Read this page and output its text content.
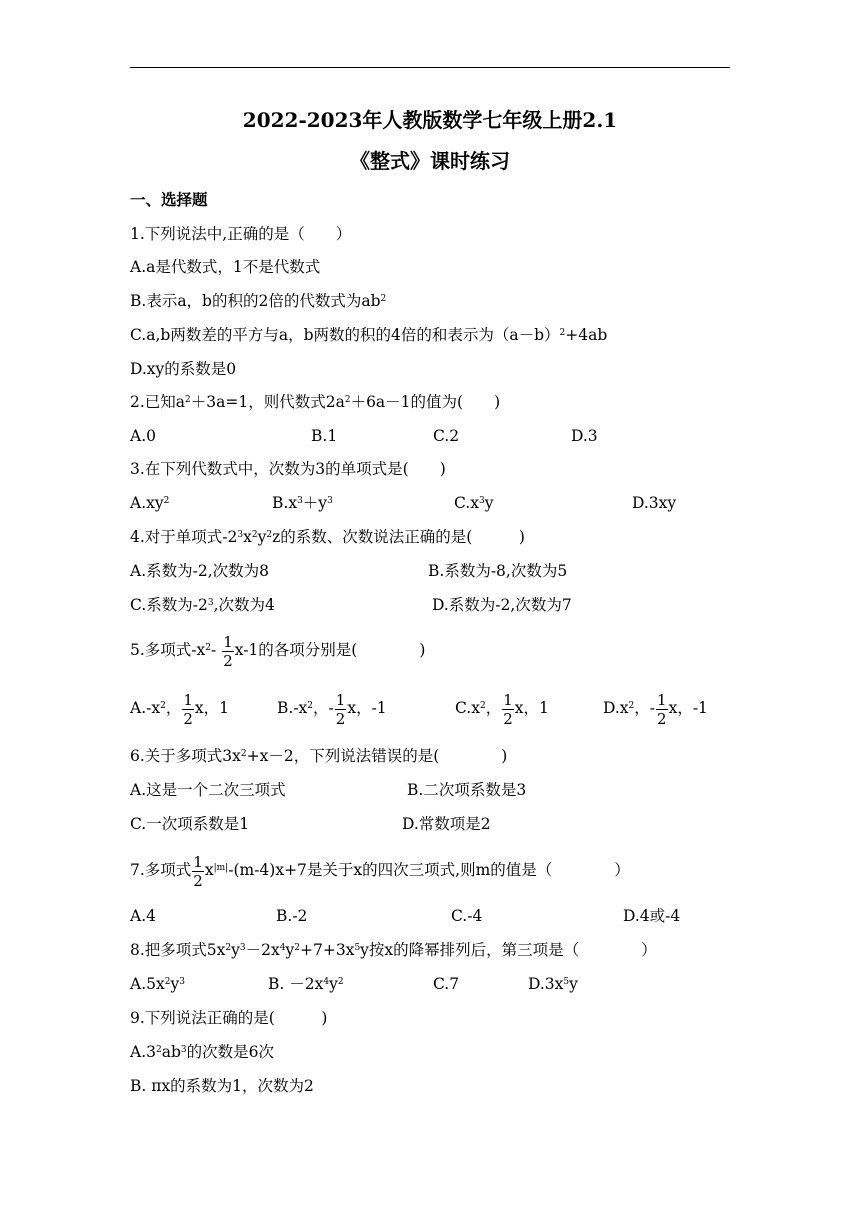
2022-2023年人教版数学七年级上册2.1
《整式》课时练习
一、选择题
1.下列说法中,正确的是（　　）
A.a是代数式，1不是代数式
B.表示a，b的积的2倍的代数式为$ab^2$
C.a,b两数差的平方与a，b两数的积的4倍的和表示为$(a-b)^2+4ab$
D.xy的系数是0
2.已知$a^2+3a=1$，则代数式$2a^2+6a-1$的值为(　　)
A.0	B.1	C.2	D.3
3.在下列代数式中，次数为3的单项式是(　　)
$A.xy^2$	$B.x^3+y^3$	$C.x^3y$	D.3xy
4.对于单项式$-2^3x^2y^2z$的系数、次数说法正确的是(　　　)
A.系数为-2,次数为8	B.系数为-8,次数为5
C.系数为$-2^3$,次数为4	D.系数为-2,次数为7
5.多项式$-x^2- \frac{1}{2} x-1$的各项分别是(　　　　)
$A.-x^2$， $\frac{1}{2}$ x，1	$B.-x^2$，- $\frac{1}{2}$ x，-1	$C.x^2$， $\frac{1}{2}$ x，1	$D.x^2$，- $\frac{1}{2}$ x，-1
6.关于多项式$3x^2+x-2$，下列说法错误的是(　　　　)
A.这是一个二次三项式	B.二次项系数是3
C.一次项系数是1	D.常数项是2
7.多项式 $\frac{1}{2} x^{|m|}-(m-4)x+7$是关于x的四次三项式,则m的值是（　　　　）
A.4	B.-2	C.-4	D.4或-4
8.把多项式$5x^2y^3-2x^4y^2+7+3x^5y$按x的降幂排列后，第三项是（　　　　）
$A.5x^2y^3$	B. $-2x^4y^2$	C.7	$D.3x^5y$
9.下列说法正确的是(　　　)
$A.3^2ab^3$的次数是6次
B. πx的系数为1，次数为2
